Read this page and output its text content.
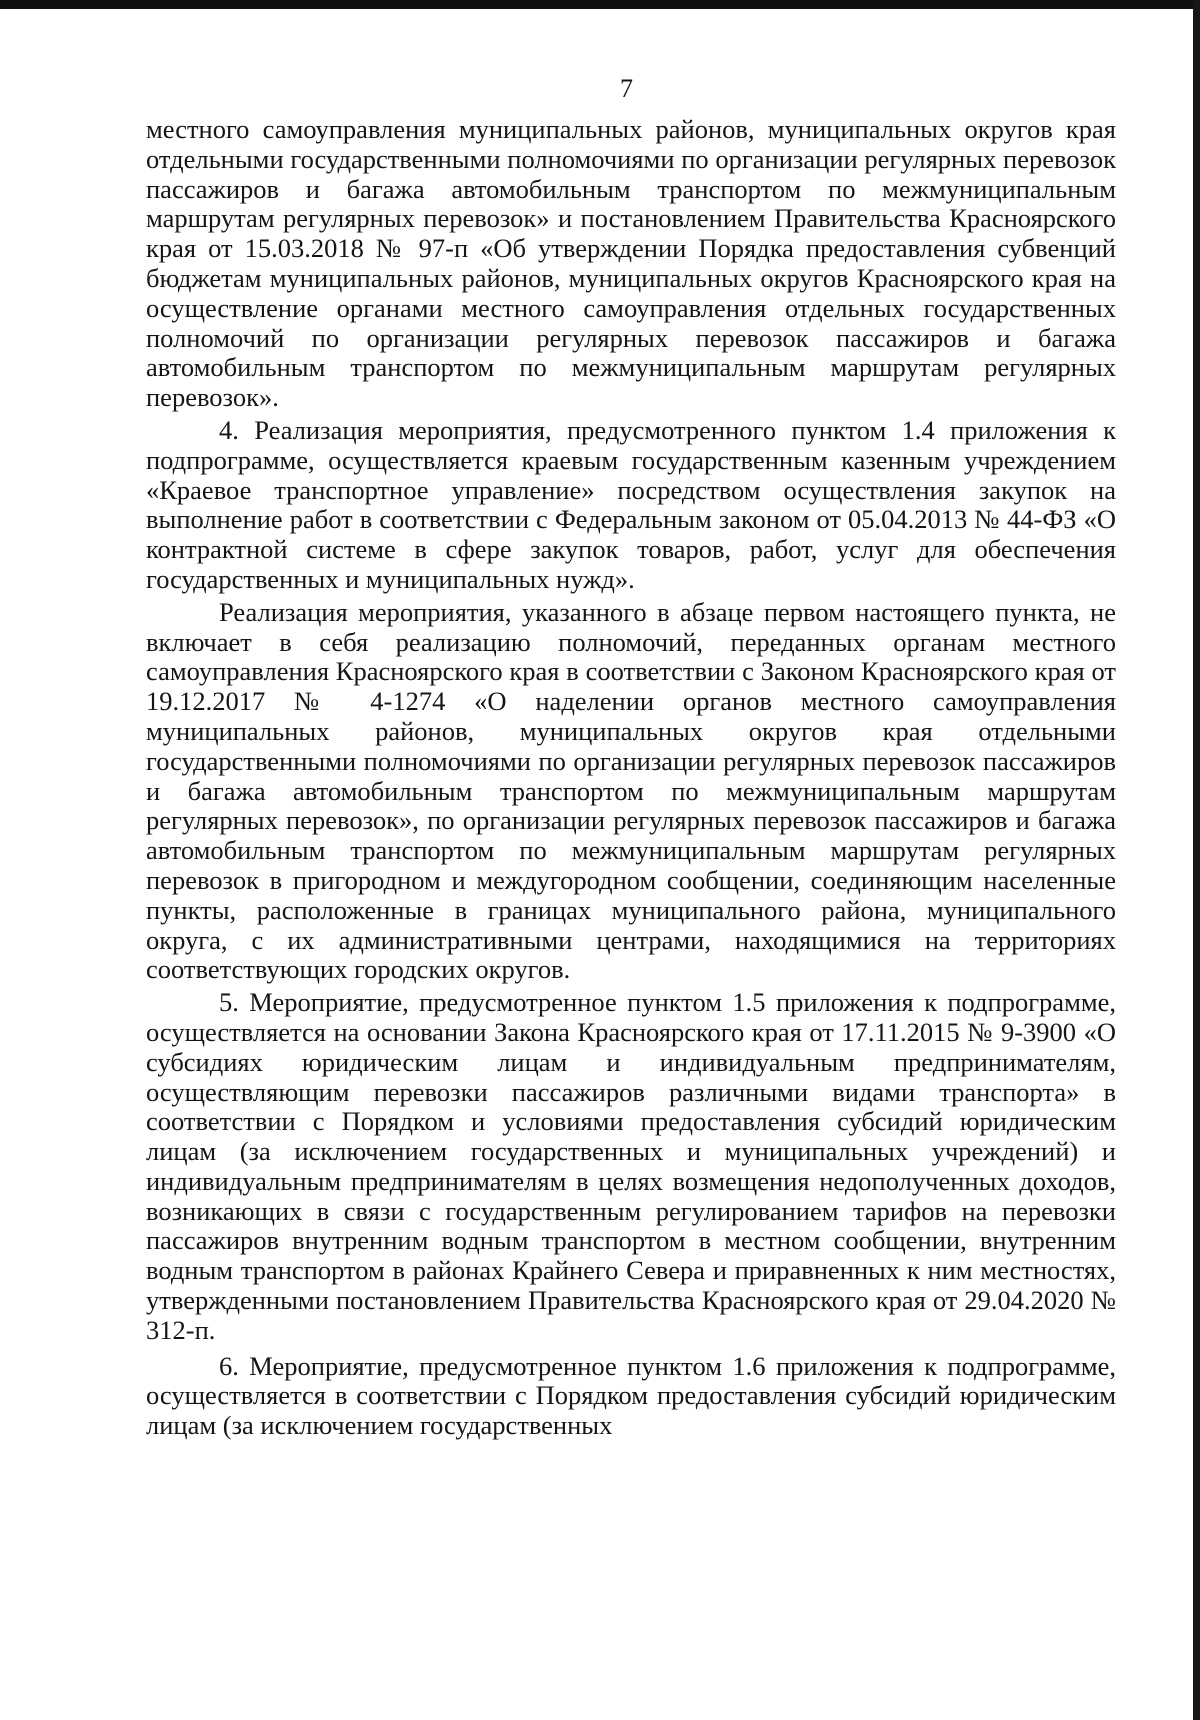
7

местного самоуправления муниципальных районов, муниципальных округов края отдельными государственными полномочиями по организации регулярных перевозок пассажиров и багажа автомобильным транспортом по межмуниципальным маршрутам регулярных перевозок» и постановлением Правительства Красноярского края от 15.03.2018 № 97-п «Об утверждении Порядка предоставления субвенций бюджетам муниципальных районов, муниципальных округов Красноярского края на осуществление органами местного самоуправления отдельных государственных полномочий по организации регулярных перевозок пассажиров и багажа автомобильным транспортом по межмуниципальным маршрутам регулярных перевозок».

4. Реализация мероприятия, предусмотренного пунктом 1.4 приложения к подпрограмме, осуществляется краевым государственным казенным учреждением «Краевое транспортное управление» посредством осуществления закупок на выполнение работ в соответствии с Федеральным законом от 05.04.2013 № 44-ФЗ «О контрактной системе в сфере закупок товаров, работ, услуг для обеспечения государственных и муниципальных нужд».

Реализация мероприятия, указанного в абзаце первом настоящего пункта, не включает в себя реализацию полномочий, переданных органам местного самоуправления Красноярского края в соответствии с Законом Красноярского края от 19.12.2017 № 4-1274 «О наделении органов местного самоуправления муниципальных районов, муниципальных округов края отдельными государственными полномочиями по организации регулярных перевозок пассажиров и багажа автомобильным транспортом по межмуниципальным маршрутам регулярных перевозок», по организации регулярных перевозок пассажиров и багажа автомобильным транспортом по межмуниципальным маршрутам регулярных перевозок в пригородном и междугородном сообщении, соединяющим населенные пункты, расположенные в границах муниципального района, муниципального округа, с их административными центрами, находящимися на территориях соответствующих городских округов.

5. Мероприятие, предусмотренное пунктом 1.5 приложения к подпрограмме, осуществляется на основании Закона Красноярского края от 17.11.2015 № 9-3900 «О субсидиях юридическим лицам и индивидуальным предпринимателям, осуществляющим перевозки пассажиров различными видами транспорта» в соответствии с Порядком и условиями предоставления субсидий юридическим лицам (за исключением государственных и муниципальных учреждений) и индивидуальным предпринимателям в целях возмещения недополученных доходов, возникающих в связи с государственным регулированием тарифов на перевозки пассажиров внутренним водным транспортом в местном сообщении, внутренним водным транспортом в районах Крайнего Севера и приравненных к ним местностях, утвержденными постановлением Правительства Красноярского края от 29.04.2020 № 312-п.

6. Мероприятие, предусмотренное пунктом 1.6 приложения к подпрограмме, осуществляется в соответствии с Порядком предоставления субсидий юридическим лицам (за исключением государственных
